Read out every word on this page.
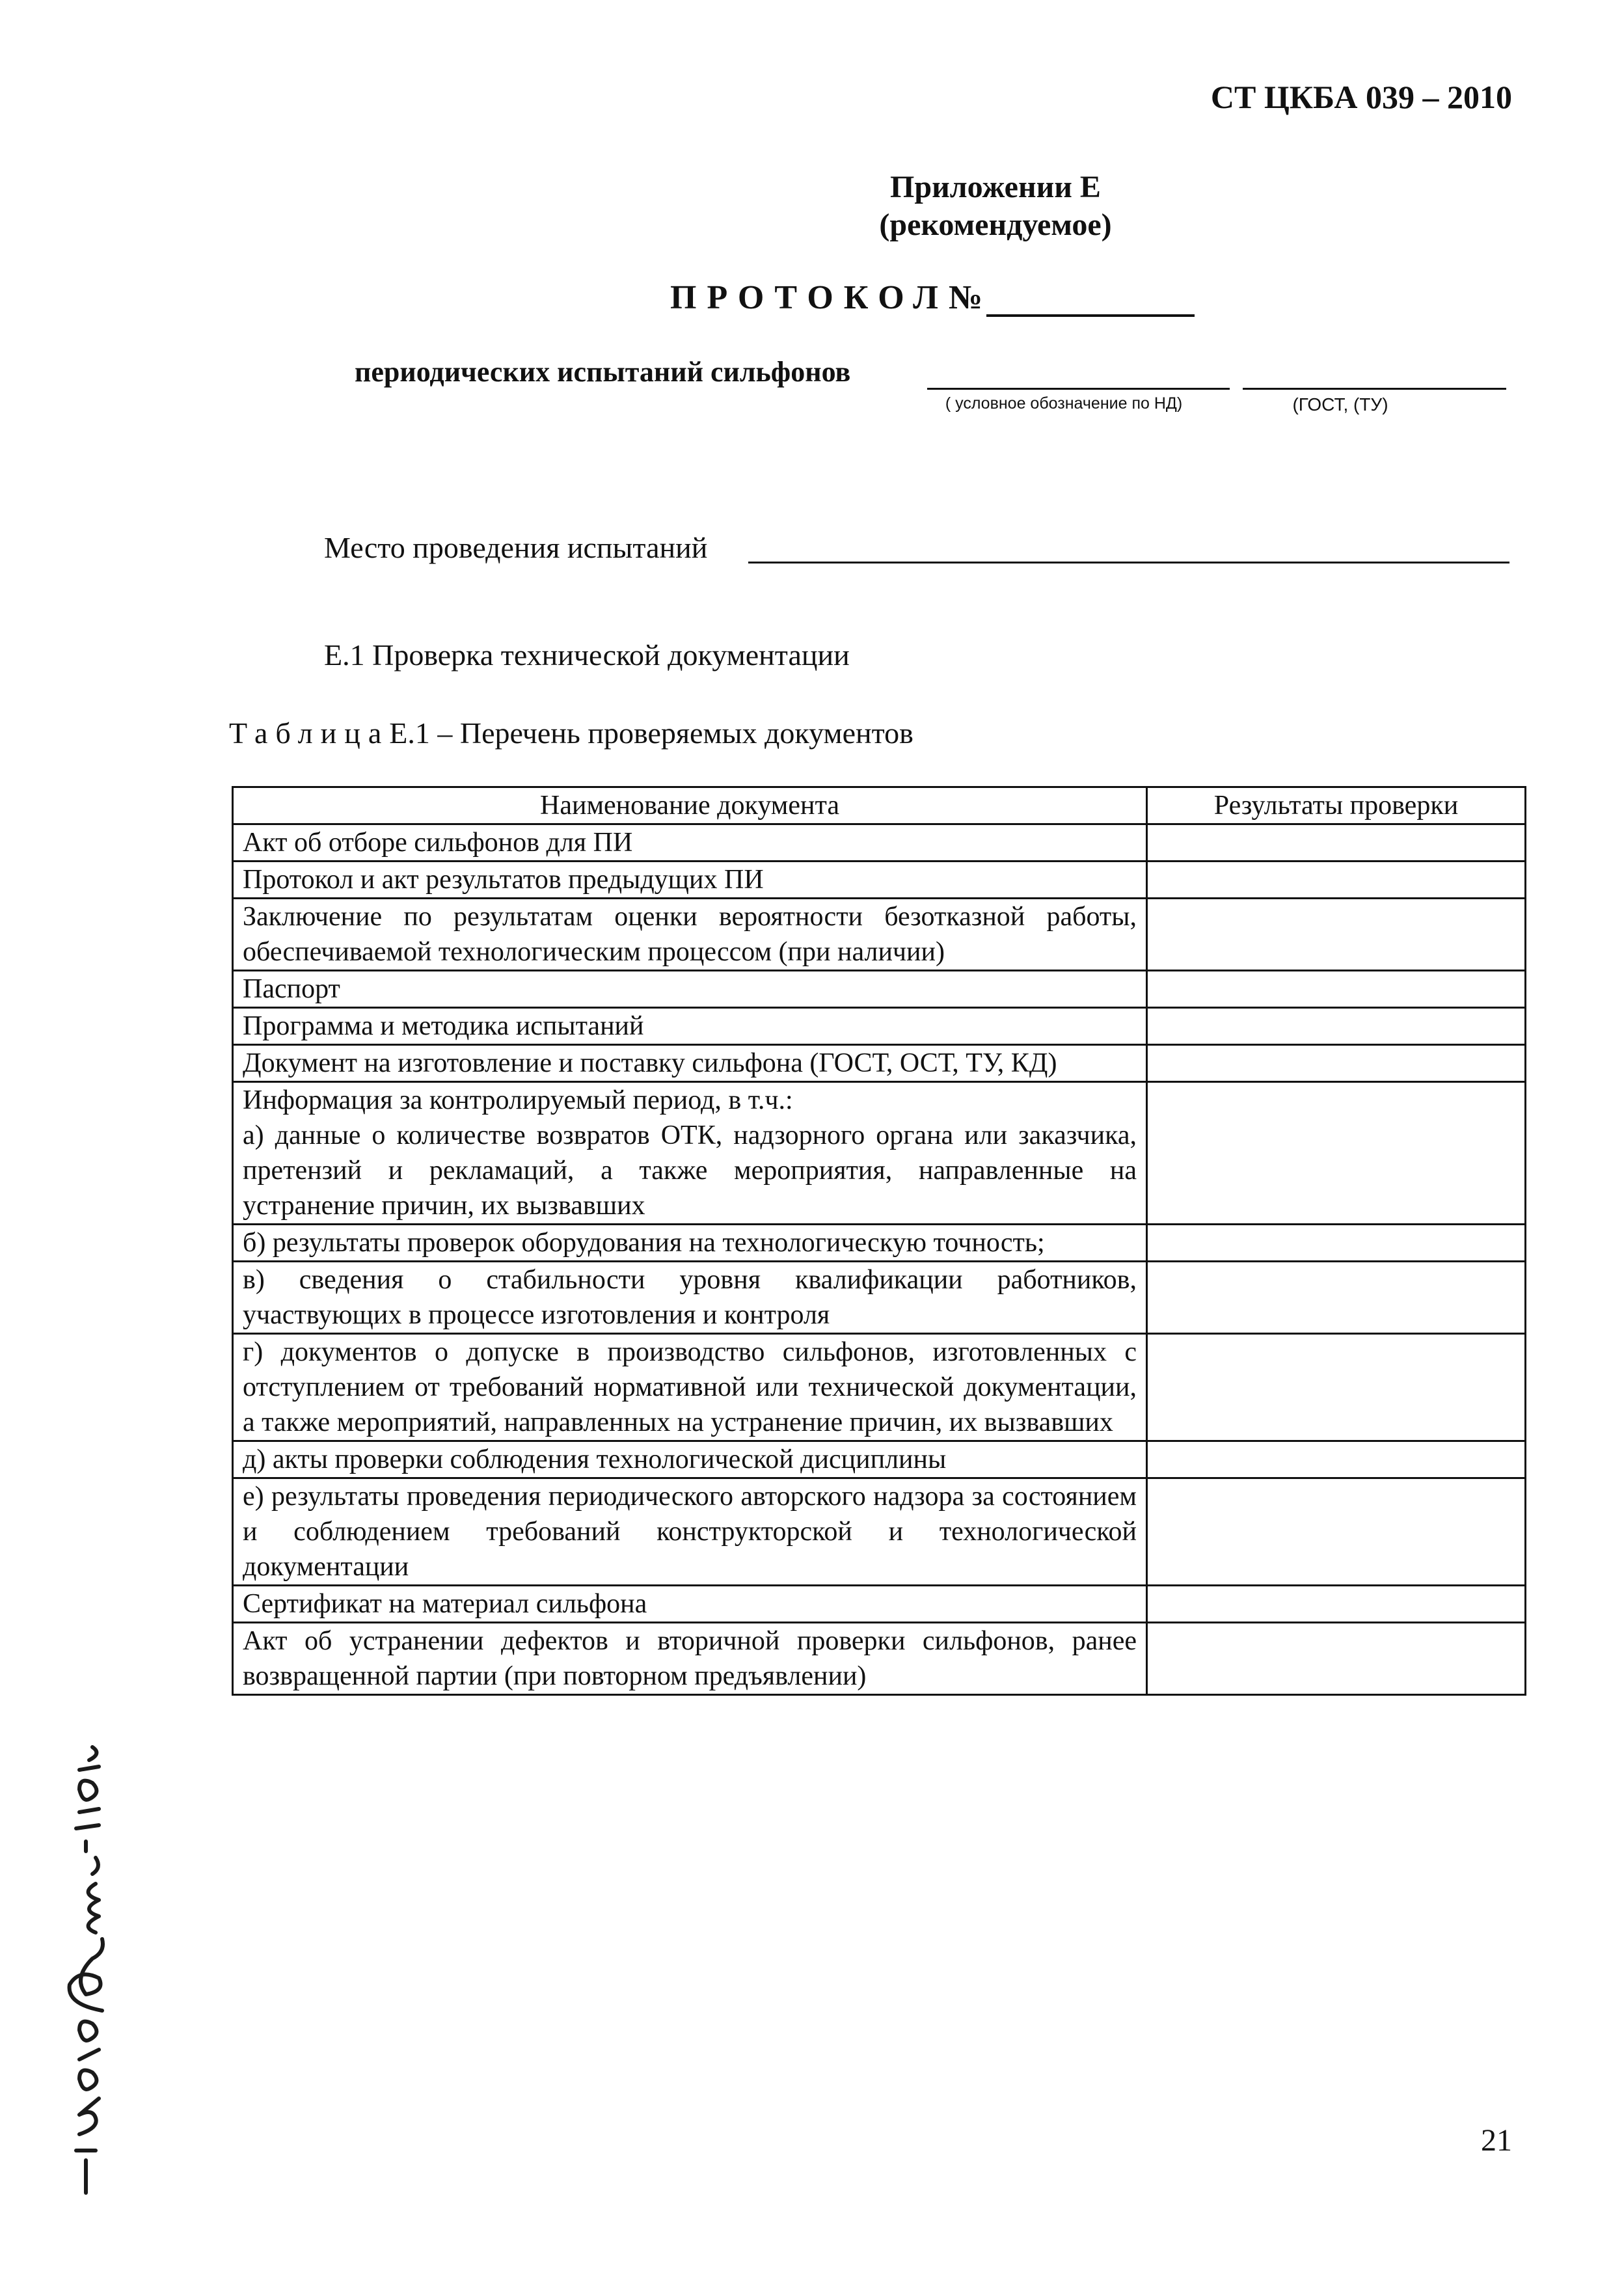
СТ ЦКБА 039 – 2010
Приложении Е
(рекомендуемое)
ПРОТОКОЛ №
периодических испытаний сильфонов
( условное обозначение по НД)	(ГОСТ, (ТУ)
Место проведения испытаний
Е.1 Проверка технической документации
ТаблицаЕ.1 – Перечень проверяемых документов
Наименование документа	Результаты проверки
Акт об отборе сильфонов для ПИ	
Протокол и акт результатов предыдущих ПИ	
Заключение по результатам оценки вероятности безотказной работы, обеспечиваемой технологическим процессом (при наличии)	
Паспорт	
Программа и методика испытаний	
Документ на изготовление и поставку сильфона (ГОСТ, ОСТ, ТУ, КД)	
Информация за контролируемый период, в т.ч.:
а) данные о количестве возвратов ОТК, надзорного органа или заказчика, претензий и рекламаций, а также мероприятия, направленные на устранение причин, их вызвавших	
б) результаты проверок оборудования на технологическую точность;	
в) сведения о стабильности уровня квалификации работников, участвующих в процессе изготовления и контроля	
г) документов о допуске в производство сильфонов, изготовленных с отступлением от требований нормативной или технической документации, а также мероприятий, направленных на устранение причин, их вызвавших	
д) акты проверки соблюдения технологической дисциплины	
е) результаты проведения периодического авторского надзора за состоянием и соблюдением требований конструкторской и технологической документации	
Сертификат на материал сильфона	
Акт об устранении дефектов и вторичной проверки сильфонов, ранее возвращенной партии (при повторном предъявлении)	
21
